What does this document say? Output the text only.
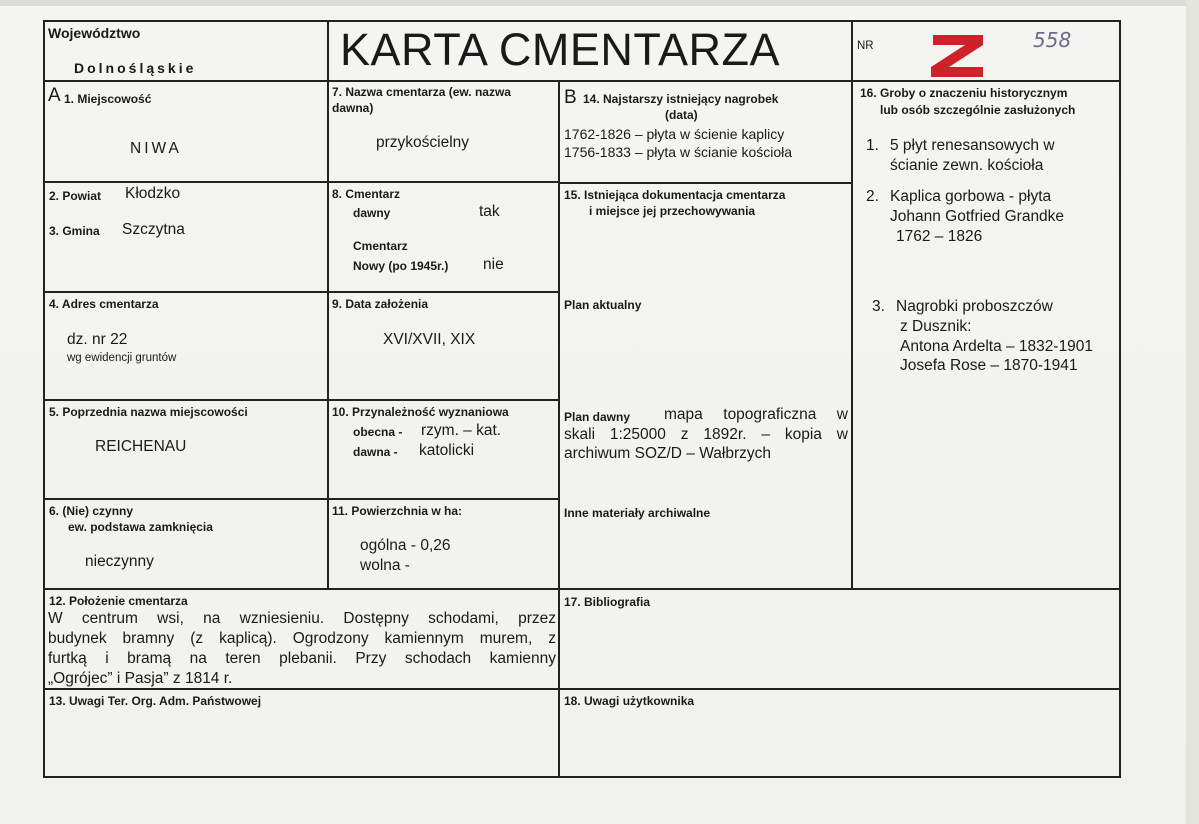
Województwo
Dolnośląskie	KARTA CMENTARZA	NR	558
A 1. Miejscowość
NIWA
2. Powiat Kłodzko
3. Gmina Szczytna
4. Adres cmentarza
dz. nr 22
wg ewidencji gruntów
5. Poprzednia nazwa miejscowości
REICHENAU
6. (Nie) czynny
ew. podstawa zamknięcia
nieczynny
7. Nazwa cmentarza (ew. nazwa
dawna)
przykościelny
8. Cmentarz
dawny	tak
Cmentarz
Nowy (po 1945r.) nie
9. Data założenia
XVI/XVII, XIX
10. Przynależność wyznaniowa
obecna - rzym. – kat.
dawna - katolicki
11. Powierzchnia w ha:
ogólna - 0,26
wolna -
12. Położenie cmentarza
W centrum wsi, na wzniesieniu. Dostępny schodami, przez
budynek bramny (z kaplicą). Ogrodzony kamiennym murem, z
furtką i bramą na teren plebanii. Przy schodach kamienny
„Ogrójec” i Pasja” z 1814 r.
13. Uwagi Ter. Org. Adm. Państwowej
B 14. Najstarszy istniejący nagrobek
(data)
1762-1826 – płyta w ścienie kaplicy
1756-1833 – płyta w ścianie kościoła
15. Istniejąca dokumentacja cmentarza
i miejsce jej przechowywania
Plan aktualny
Plan dawny mapa topograficzna w
skali 1:25000 z 1892r. – kopia w
archiwum SOZ/D – Wałbrzych
Inne materiały archiwalne
16. Groby o znaczeniu historycznym
lub osób szczególnie zasłużonych
1. 5 płyt renesansowych w
ścianie zewn. kościoła
2. Kaplica gorbowa - płyta
Johann Gotfried Grandke
1762 – 1826
3. Nagrobki proboszczów
z Dusznik:
Antona Ardelta – 1832-1901
Josefa Rose – 1870-1941
17. Bibliografia
18. Uwagi użytkownika
